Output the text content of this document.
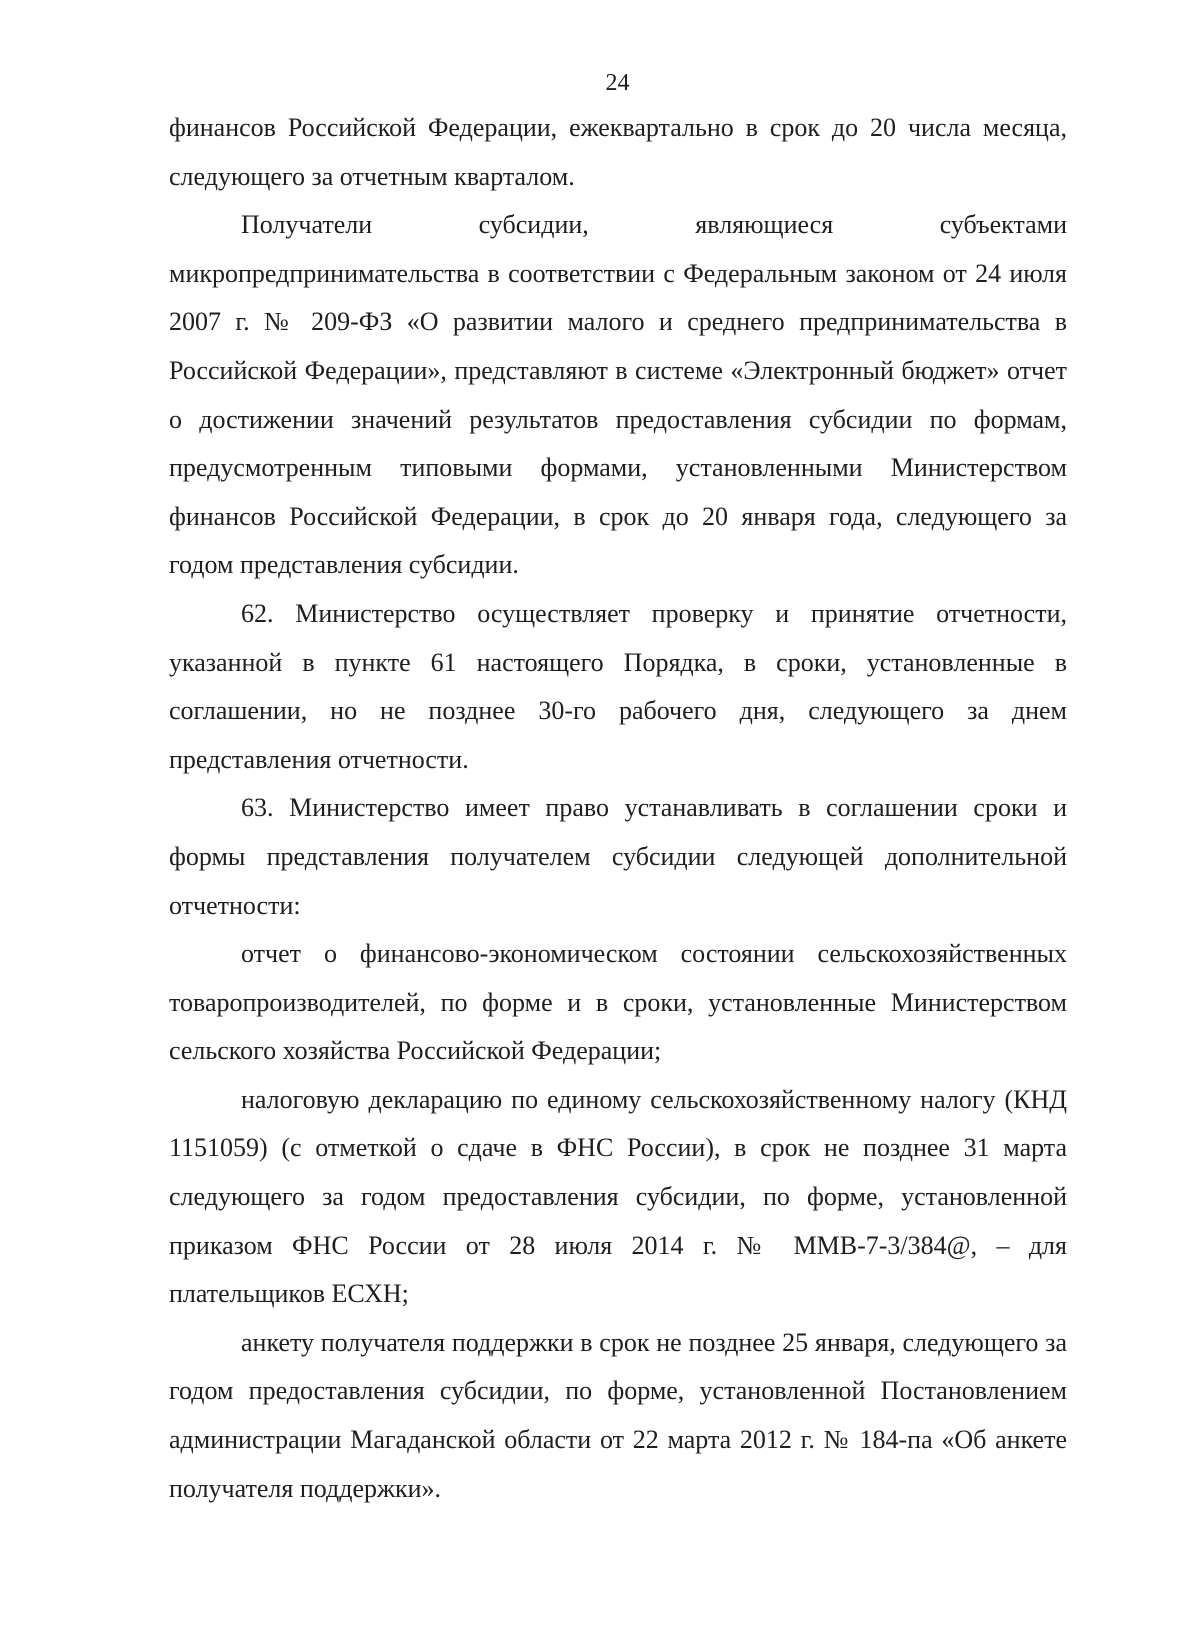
24

финансов Российской Федерации, ежеквартально в срок до 20 числа месяца, следующего за отчетным кварталом.

Получатели субсидии, являющиеся субъектами микропредпринимательства в соответствии с Федеральным законом от 24 июля 2007 г. № 209-ФЗ «О развитии малого и среднего предпринимательства в Российской Федерации», представляют в системе «Электронный бюджет» отчет о достижении значений результатов предоставления субсидии по формам, предусмотренным типовыми формами, установленными Министерством финансов Российской Федерации, в срок до 20 января года, следующего за годом представления субсидии.

62. Министерство осуществляет проверку и принятие отчетности, указанной в пункте 61 настоящего Порядка, в сроки, установленные в соглашении, но не позднее 30-го рабочего дня, следующего за днем представления отчетности.

63. Министерство имеет право устанавливать в соглашении сроки и формы представления получателем субсидии следующей дополнительной отчетности:

отчет о финансово-экономическом состоянии сельскохозяйственных товаропроизводителей, по форме и в сроки, установленные Министерством сельского хозяйства Российской Федерации;

налоговую декларацию по единому сельскохозяйственному налогу (КНД 1151059) (с отметкой о сдаче в ФНС России), в срок не позднее 31 марта следующего за годом предоставления субсидии, по форме, установленной приказом ФНС России от 28 июля 2014 г. № ММВ-7-3/384@, – для плательщиков ЕСХН;

анкету получателя поддержки в срок не позднее 25 января, следующего за годом предоставления субсидии, по форме, установленной Постановлением администрации Магаданской области от 22 марта 2012 г. № 184-па «Об анкете получателя поддержки».
